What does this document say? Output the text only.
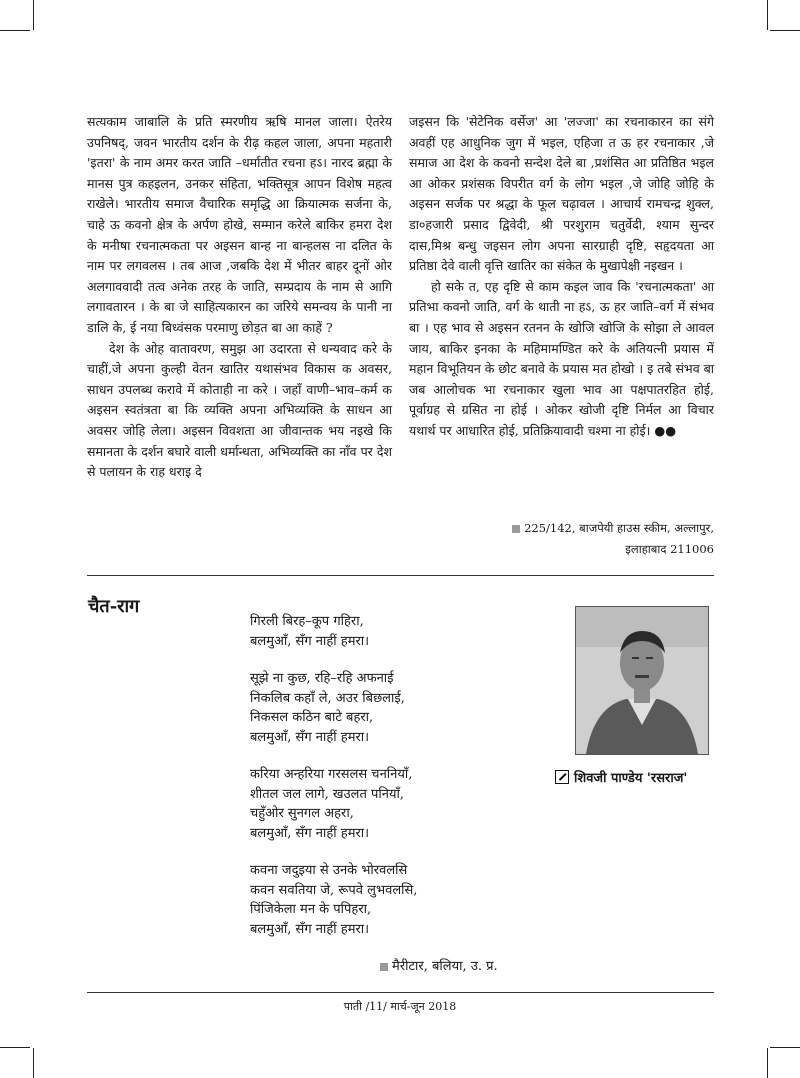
सत्यकाम जाबालि के प्रति स्मरणीय ऋषि मानल जाला। ऐतरेय उपनिषद्, जवन भारतीय दर्शन के रीढ़ कहल जाला, अपना महतारी 'इतरा' के नाम अमर करत जाति –धर्मातीत रचना हऽ। नारद ब्रह्मा के मानस पुत्र कहइलन, उनकर संहिता, भक्तिसूत्र आपन विशेष महत्व राखेले। भारतीय समाज वैचारिक समृद्धि आ क्रियात्मक सर्जना के, चाहे ऊ कवनो क्षेत्र के अर्पण होखे, सम्मान करेले बाकिर हमरा देश के मनीषा रचनात्मकता पर अइसन बान्ह ना बान्हलस ना दलित के नाम पर लगवलस । तब आज ,जबकि देश में भीतर बाहर दूनों ओर अलगाववादी तत्व अनेक तरह के जाति, सम्प्रदाय के नाम से आगि लगावतारन । के बा जे साहित्यकारन का जरिये समन्वय के पानी ना डालि के, ई नया बिध्वंसक परमाणु छोड़त बा आ काहें ?

देश के ओह वातावरण, समुझ आ उदारता से धन्यवाद करे के चाहीं,जे अपना कुल्ही वेतन खातिर यथासंभव विकास क अवसर, साधन उपलब्ध करावे में कोताही ना करे । जहाँ वाणी–भाव–कर्म क अइसन स्वतंत्रता बा कि व्यक्ति अपना अभिव्यक्ति के साधन आ अवसर जोहि लेला। अइसन विवशता आ जीवान्तक भय नइखे कि समानता के दर्शन बघारे वाली धर्मान्धता, अभिव्यक्ति का नाँव पर देश से पलायन के राह धराइ दे

जइसन कि 'सेटेनिक वर्सेज' आ 'लज्जा' का रचनाकारन का संगे अवहीं एह आधुनिक जुग में भइल, एहिजा त ऊ हर रचनाकार ,जे समाज आ देश के कवनो सन्देश देले बा ,प्रशंसित आ प्रतिष्ठित भइल आ ओकर प्रशंसक विपरीत वर्ग के लोग भइल ,जे जोहि जोहि के अइसन सर्जक पर श्रद्धा के फूल चढ़ावल । आचार्य रामचन्द्र शुक्ल, डा०हजारी प्रसाद द्विवेदी, श्री परशुराम चतुर्वेदी, श्याम सुन्दर दास,मिश्र बन्धु जइसन लोग अपना सारग्राही दृष्टि, सहृदयता आ प्रतिष्ठा देवे वाली वृत्ति खातिर का संकेत के मुखापेक्षी नइखन ।

हो सके त, एह दृष्टि से काम कइल जाव कि 'रचनात्मकता' आ प्रतिभा कवनो जाति, वर्ग के थाती ना हऽ, ऊ हर जाति–वर्ग में संभव बा । एह भाव से अइसन रतनन के खोजि खोजि के सोझा ले आवल जाय, बाकिर इनका के महिमामण्डित करे के अतियत्नी प्रयास में महान विभूतियन के छोट बनावे के प्रयास मत होखो । इ तबे संभव बा जब आलोचक भा रचनाकार खुला भाव आ पक्षपातरहित होई, पूर्वाग्रह से ग्रसित ना होई । ओकर खोजी दृष्टि निर्मल आ विचार यथार्थ पर आधारित होई, प्रतिक्रियावादी चश्मा ना होई। ●●

225/142, बाजपेयी हाउस स्कीम, अल्लापुर,
इलाहाबाद 211006
चैत-राग
गिरली बिरह–कूप गहिरा,
बलमुआँ, सँग नाहीं हमरा।
सूझे ना कुछ, रहि–रहि अफनाई
निकलिब कहाँ ले, अउर बिछलाई,
निकसल कठिन बाटे बहरा,
बलमुआँ, सँग नाहीं हमरा।
करिया अन्हरिया गरसलस चननियाँ,
शीतल जल लागे, खउलत पनियाँ,
चहुँओर सुनगल अहरा,
बलमुआँ, सँग नाहीं हमरा।
कवना जदुइया से उनके भोरवलसि
कवन सवतिया जे, रूपवे लुभवलसि,
पिंजिकेला मन के पपिहरा,
बलमुआँ, सँग नाहीं हमरा।
शिवजी पाण्डेय 'रसराज'
मैरीटार, बलिया, उ. प्र.
पाती /11/ मार्च-जून 2018
